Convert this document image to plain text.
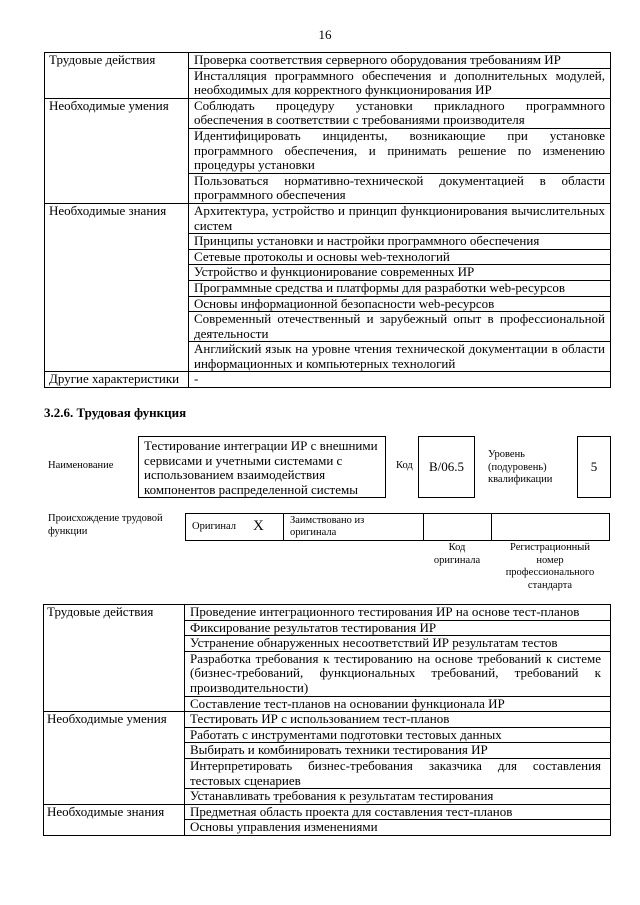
16
Трудовые действия	Проверка соответствия серверного оборудования требованиям ИР

	Инсталляция программного обеспечения и дополнительных модулей, необходимых для корректного функционирования ИР

Необходимые умения	Соблюдать процедуру установки прикладного программного обеспечения в соответствии с требованиями производителя

	Идентифицировать инциденты, возникающие при установке программного обеспечения, и принимать решение по изменению процедуры установки

	Пользоваться нормативно-технической документацией в области программного обеспечения

Необходимые знания	Архитектура, устройство и принцип функционирования вычислительных систем

	Принципы установки и настройки программного обеспечения

	Сетевые протоколы и основы web-технологий

	Устройство и функционирование современных ИР

	Программные средства и платформы для разработки web-ресурсов

	Основы информационной безопасности web-ресурсов

	Современный отечественный и зарубежный опыт в профессиональной деятельности

	Английский язык на уровне чтения технической документации в области информационных и компьютерных технологий

Другие характеристики	-
3.2.6. Трудовая функция
Наименование
Тестирование интеграции ИР с внешними сервисами и учетными системами с использованием взаимодействия компонентов распределенной системы
Код В/06.5
Уровень (подуровень) квалификации
5
Происхождение трудовой функции	Оригинал X Заимствовано из оригинала
Код оригинала
Регистрационный номер профессионального стандарта
Трудовые действия	Проведение интеграционного тестирования ИР на основе тест-планов

	Фиксирование результатов тестирования ИР

	Устранение обнаруженных несоответствий ИР результатам тестов

	Разработка требования к тестированию на основе требований к системе (бизнес-требований, функциональных требований, требований к производительности)

	Составление тест-планов на основании функционала ИР

Необходимые умения	Тестировать ИР с использованием тест-планов

	Работать с инструментами подготовки тестовых данных

	Выбирать и комбинировать техники тестирования ИР

	Интерпретировать бизнес-требования заказчика для составления тестовых сценариев

	Устанавливать требования к результатам тестирования

Необходимые знания	Предметная область проекта для составления тест-планов

	Основы управления изменениями
